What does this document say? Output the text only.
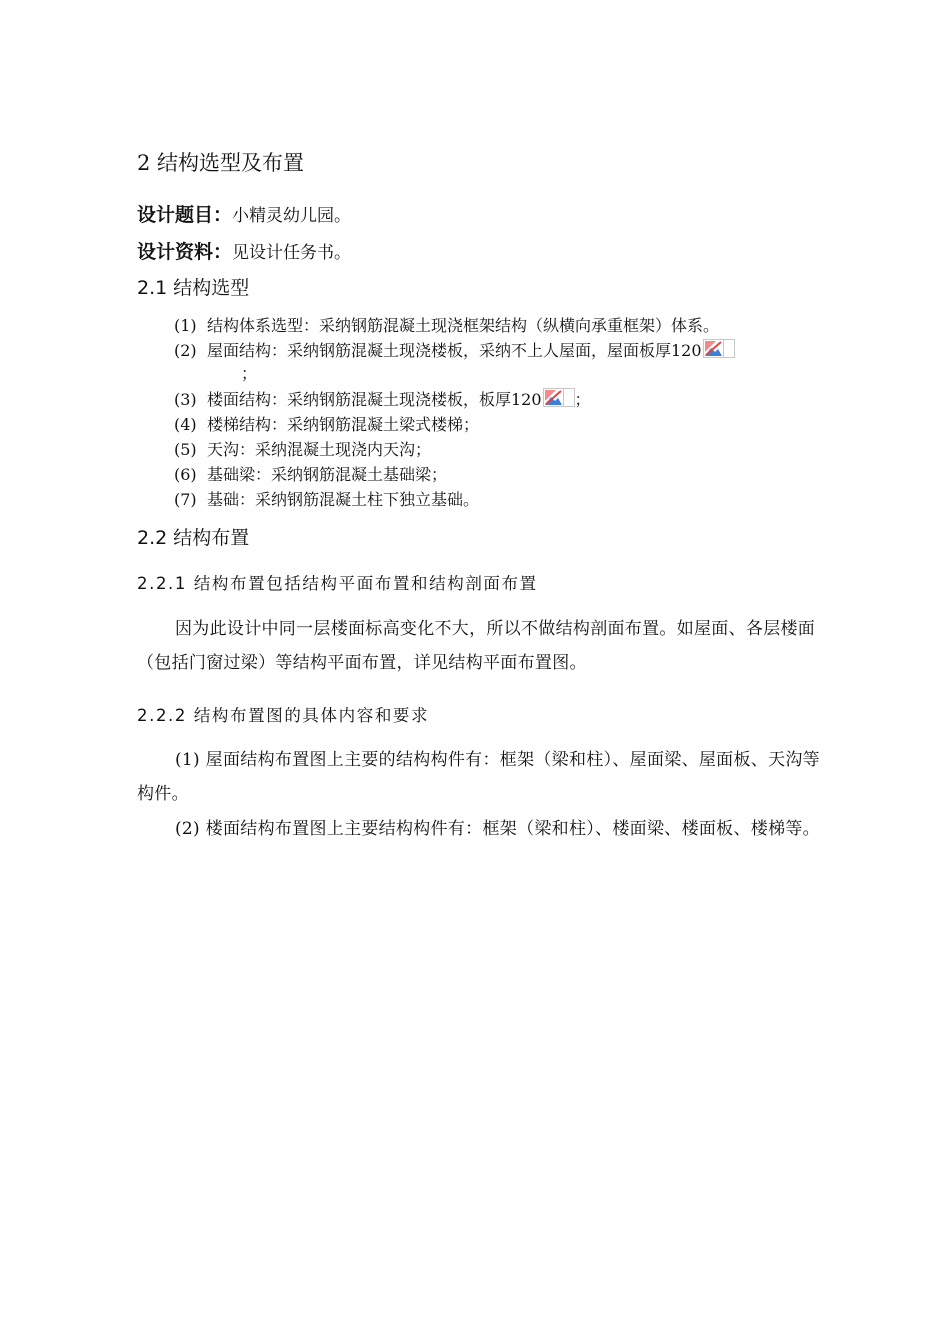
2 结构选型及布置
设计题目：小精灵幼儿园。
设计资料：见设计任务书。
2.1 结构选型
(1) 结构体系选型：采纳钢筋混凝土现浇框架结构（纵横向承重框架）体系。
(2) 屋面结构：采纳钢筋混凝土现浇楼板，采纳不上人屋面，屋面板厚120
；
(3) 楼面结构：采纳钢筋混凝土现浇楼板，板厚120 ；
(4) 楼梯结构：采纳钢筋混凝土梁式楼梯；
(5) 天沟：采纳混凝土现浇内天沟；
(6) 基础梁：采纳钢筋混凝土基础梁；
(7) 基础：采纳钢筋混凝土柱下独立基础。
2.2 结构布置
2.2.1 结构布置包括结构平面布置和结构剖面布置

因为此设计中同一层楼面标高变化不大，所以不做结构剖面布置。如屋面、各层楼面（包括门窗过梁）等结构平面布置，详见结构平面布置图。

2.2.2 结构布置图的具体内容和要求

(1) 屋面结构布置图上主要的结构构件有：框架（梁和柱）、屋面梁、屋面板、天沟等构件。

(2) 楼面结构布置图上主要结构构件有：框架（梁和柱）、楼面梁、楼面板、楼梯等。
